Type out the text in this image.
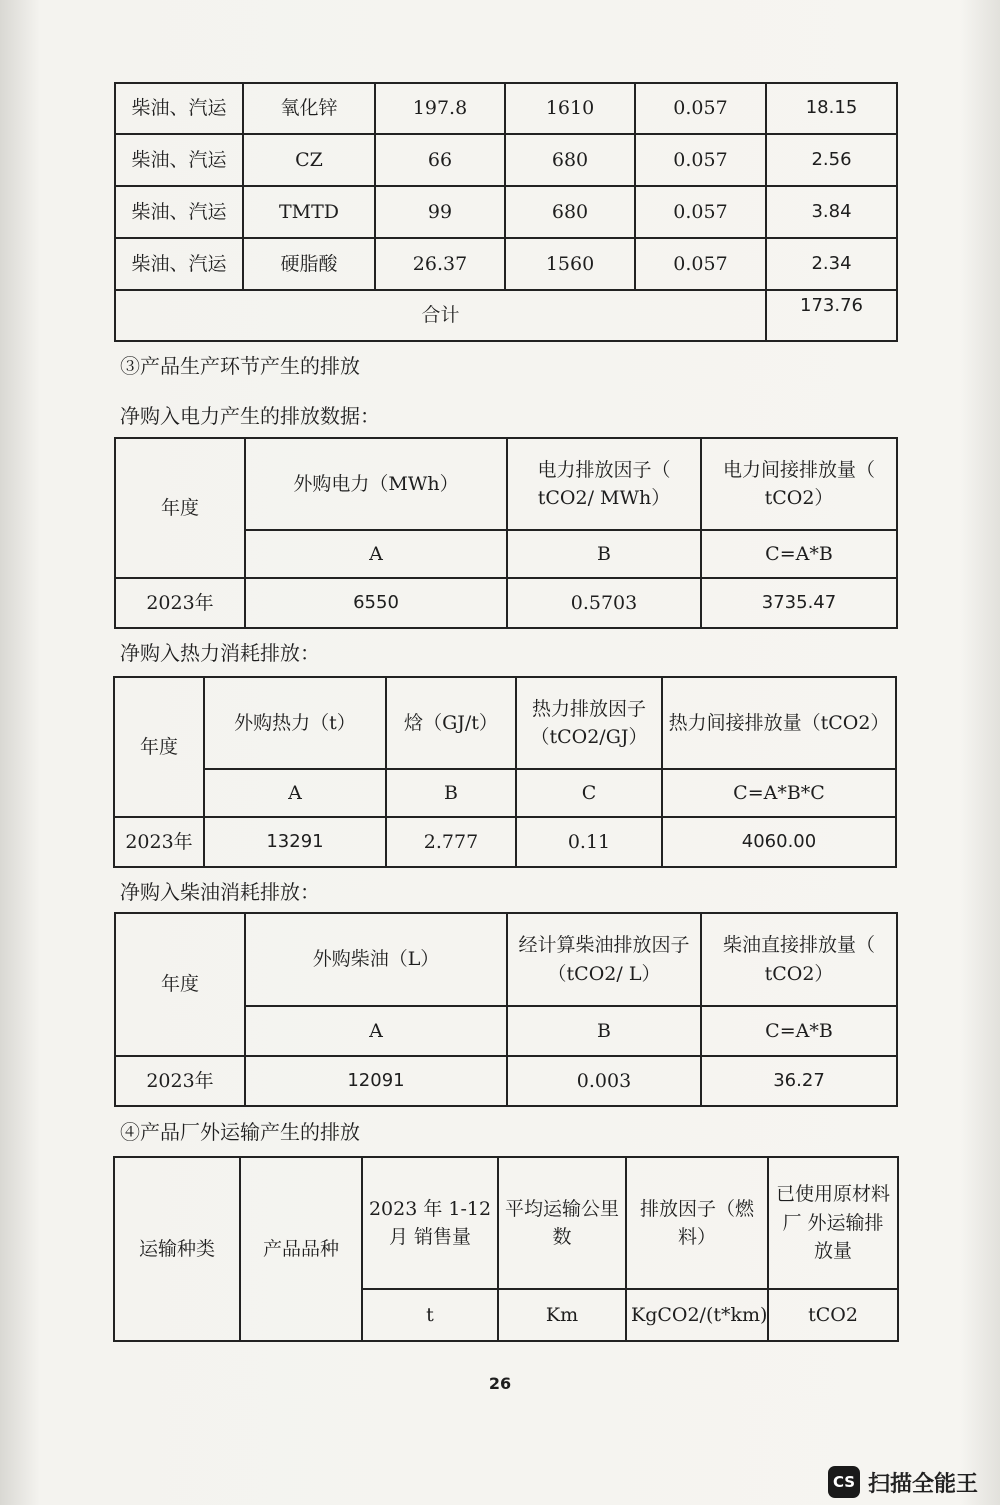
柴油、汽运	氧化锌	197.8	1610	0.057	18.15
柴油、汽运	CZ	66	680	0.057	2.56
柴油、汽运	TMTD	99	680	0.057	3.84
柴油、汽运	硬脂酸	26.37	1560	0.057	2.34
合计					173.76
③产品生产环节产生的排放
净购入电力产生的排放数据：
年度	外购电力（MWh）	电力排放因子（ tCO2/ MWh）	电力间接排放量（ tCO2）
	A	B	C=A*B
2023年	6550	0.5703	3735.47
净购入热力消耗排放：
年度	外购热力（t）	焓（GJ/t）	热力排放因子（tCO2/GJ）	热力间接排放量（tCO2）
	A	B	C	C=A*B*C
2023年	13291	2.777	0.11	4060.00
净购入柴油消耗排放：
年度	外购柴油（L）	经计算柴油排放因子（tCO2/ L）	柴油直接排放量（ tCO2）
	A	B	C=A*B
2023年	12091	0.003	36.27
④产品厂外运输产生的排放
运输种类	产品品种	2023 年 1-12 月 销售量	平均运输公里数	排放因子（燃料）	已使用原材料厂 外运输排放量
		t	Km	KgCO2/(t*km)	tCO2
26
CS 扫描全能王
